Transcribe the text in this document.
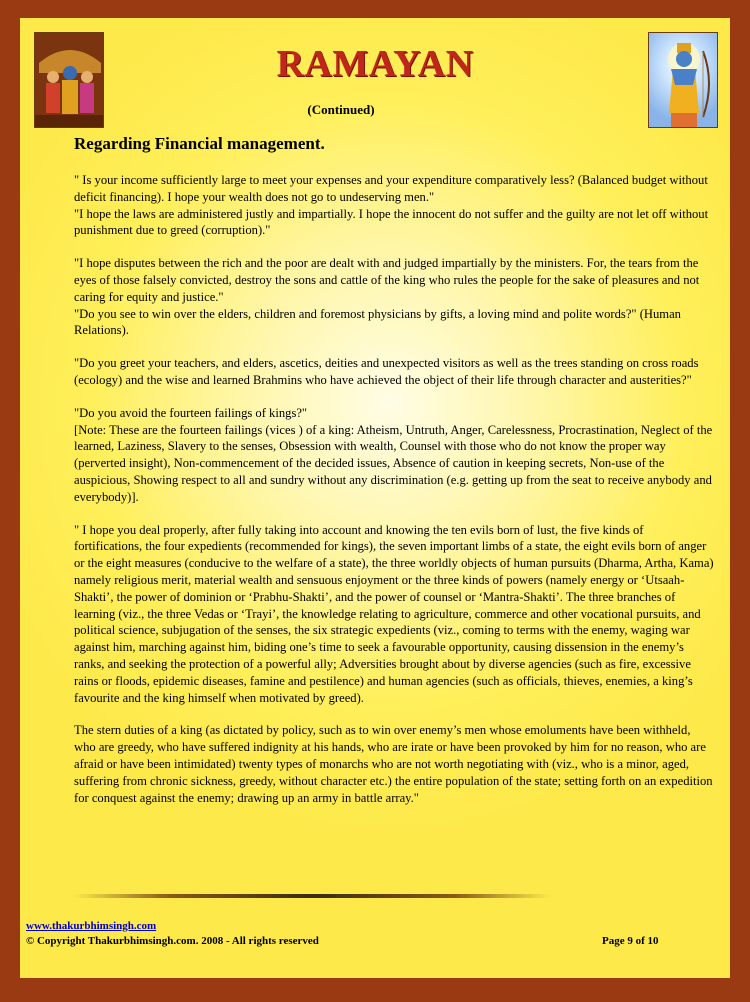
RAMAYAN
(Continued)
Regarding Financial management.

" Is your income sufficiently large to meet your expenses and your expenditure comparatively less? (Balanced budget without deficit financing). I hope your wealth does not go to undeserving men."
"I hope the laws are administered justly and impartially. I hope the innocent do not suffer and the guilty are not let off without punishment due to greed (corruption)."

"I hope disputes between the rich and the poor are dealt with and judged impartially by the ministers. For, the tears from the eyes of those falsely convicted, destroy the sons and cattle of the king who rules the people for the sake of pleasures and not caring for equity and justice."
"Do you see to win over the elders, children and foremost physicians by gifts, a loving mind and polite words?" (Human Relations).

"Do you greet your teachers, and elders, ascetics, deities and unexpected visitors as well as the trees standing on cross roads (ecology) and the wise and learned Brahmins who have achieved the object of their life through character and austerities?"

"Do you avoid the fourteen failings of kings?"
[Note: These are the fourteen failings (vices ) of a king: Atheism, Untruth, Anger, Carelessness, Procrastination, Neglect of the learned, Laziness, Slavery to the senses, Obsession with wealth, Counsel with those who do not know the proper way (perverted insight), Non-commencement of the decided issues, Absence of caution in keeping secrets, Non-use of the auspicious, Showing respect to all and sundry without any discrimination (e.g. getting up from the seat to receive anybody and everybody)].

" I hope you deal properly, after fully taking into account and knowing the ten evils born of lust, the five kinds of fortifications, the four expedients (recommended for kings), the seven important limbs of a state, the eight evils born of anger or the eight measures (conducive to the welfare of a state), the three worldly objects of human pursuits (Dharma, Artha, Kama) namely religious merit, material wealth and sensuous enjoyment or the three kinds of powers (namely energy or ‘Utsaah-Shakti’, the power of dominion or ‘Prabhu-Shakti’, and the power of counsel or ‘Mantra-Shakti’. The three branches of learning (viz., the three Vedas or ‘Trayi’, the knowledge relating to agriculture, commerce and other vocational pursuits, and political science, subjugation of the senses, the six strategic expedients (viz., coming to terms with the enemy, waging war against him, marching against him, biding one’s time to seek a favourable opportunity, causing dissension in the enemy’s ranks, and seeking the protection of a powerful ally; Adversities brought about by diverse agencies (such as fire, excessive rains or floods, epidemic diseases, famine and pestilence) and human agencies (such as officials, thieves, enemies, a king’s favourite and the king himself when motivated by greed).

The stern duties of a king (as dictated by policy, such as to win over enemy’s men whose emoluments have been withheld, who are greedy, who have suffered indignity at his hands, who are irate or have been provoked by him for no reason, who are afraid or have been intimidated) twenty types of monarchs who are not worth negotiating with (viz., who is a minor, aged, suffering from chronic sickness, greedy, without character etc.) the entire population of the state; setting forth on an expedition for conquest against the enemy; drawing up an army in battle array."

www.thakurbhimsingh.com
© Copyright Thakurbhimsingh.com. 2008 - All rights reserved	Page 9 of 10
